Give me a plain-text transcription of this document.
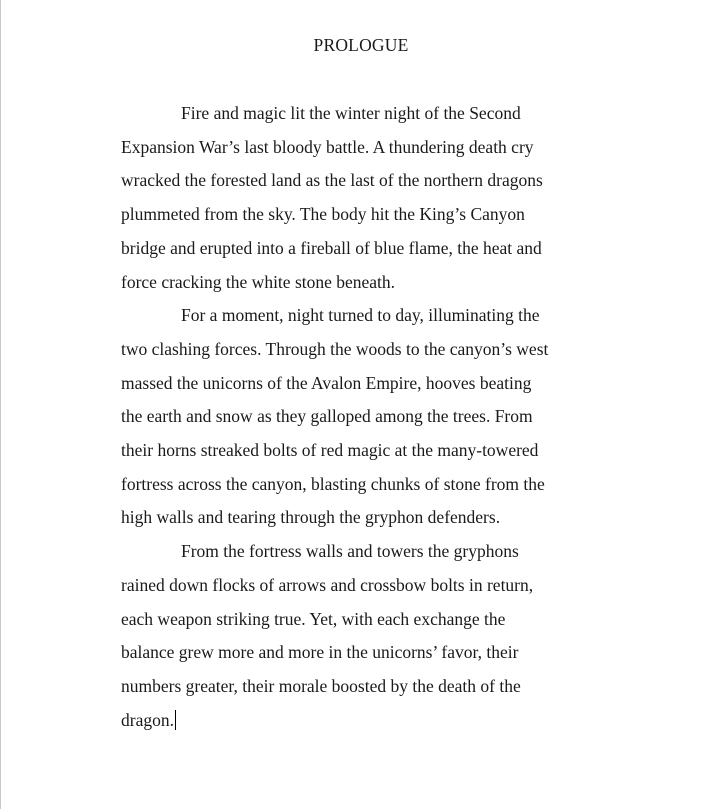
PROLOGUE

Fire and magic lit the winter night of the Second
Expansion War’s last bloody battle. A thundering death cry
wracked the forested land as the last of the northern dragons
plummeted from the sky. The body hit the King’s Canyon
bridge and erupted into a fireball of blue flame, the heat and
force cracking the white stone beneath.

For a moment, night turned to day, illuminating the
two clashing forces. Through the woods to the canyon’s west
massed the unicorns of the Avalon Empire, hooves beating
the earth and snow as they galloped among the trees. From
their horns streaked bolts of red magic at the many-towered
fortress across the canyon, blasting chunks of stone from the
high walls and tearing through the gryphon defenders.

From the fortress walls and towers the gryphons
rained down flocks of arrows and crossbow bolts in return,
each weapon striking true. Yet, with each exchange the
balance grew more and more in the unicorns’ favor, their
numbers greater, their morale boosted by the death of the
dragon.
